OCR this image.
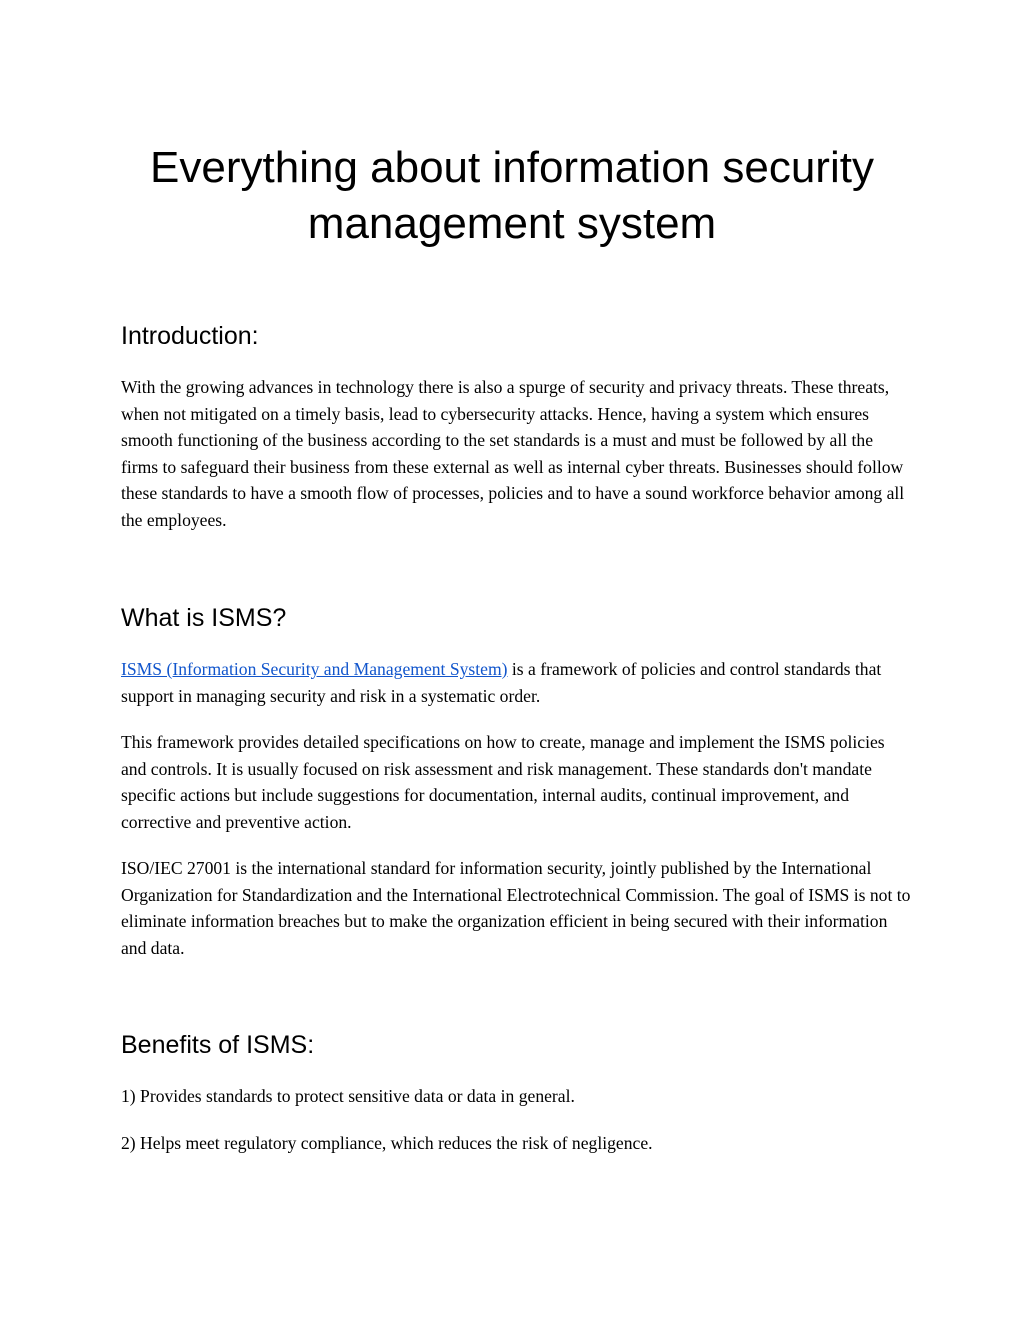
Everything about information security
management system
Introduction:

With the growing advances in technology there is also a spurge of security and privacy threats. These threats, when not mitigated on a timely basis, lead to cybersecurity attacks. Hence, having a system which ensures smooth functioning of the business according to the set standards is a must and must be followed by all the firms to safeguard their business from these external as well as internal cyber threats. Businesses should follow these standards to have a smooth flow of processes, policies and to have a sound workforce behavior among all the employees.

What is ISMS?

ISMS (Information Security and Management System) is a framework of policies and control standards that support in managing security and risk in a systematic order.

This framework provides detailed specifications on how to create, manage and implement the ISMS policies and controls. It is usually focused on risk assessment and risk management. These standards don't mandate specific actions but include suggestions for documentation, internal audits, continual improvement, and corrective and preventive action.

ISO/IEC 27001 is the international standard for information security, jointly published by the International Organization for Standardization and the International Electrotechnical Commission. The goal of ISMS is not to eliminate information breaches but to make the organization efficient in being secured with their information and data.

Benefits of ISMS:

1) Provides standards to protect sensitive data or data in general.

2) Helps meet regulatory compliance, which reduces the risk of negligence.
